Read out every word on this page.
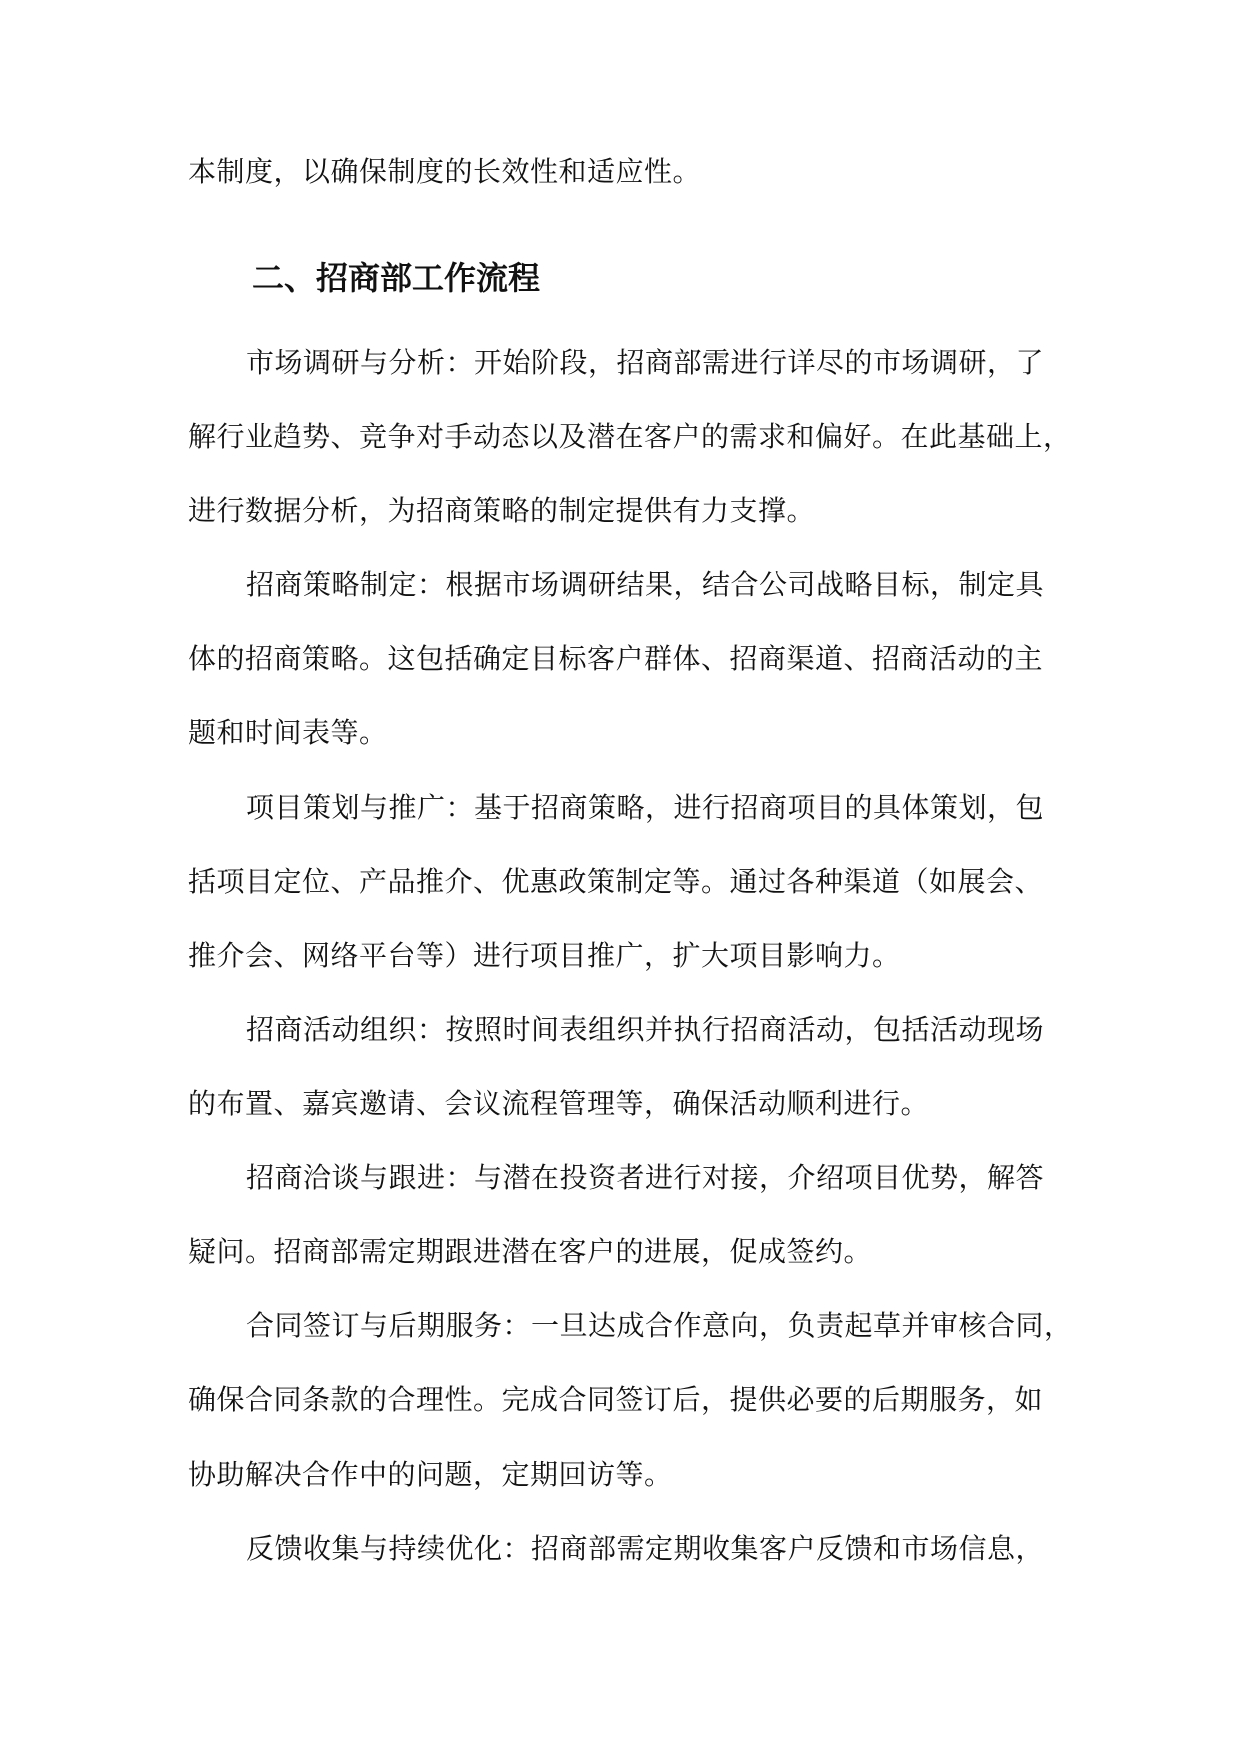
本制度，以确保制度的长效性和适应性。
二、招商部工作流程
市场调研与分析：开始阶段，招商部需进行详尽的市场调研，了
解行业趋势、竞争对手动态以及潜在客户的需求和偏好。在此基础上，
进行数据分析，为招商策略的制定提供有力支撑。
招商策略制定：根据市场调研结果，结合公司战略目标，制定具
体的招商策略。这包括确定目标客户群体、招商渠道、招商活动的主
题和时间表等。
项目策划与推广：基于招商策略，进行招商项目的具体策划，包
括项目定位、产品推介、优惠政策制定等。通过各种渠道（如展会、
推介会、网络平台等）进行项目推广，扩大项目影响力。
招商活动组织：按照时间表组织并执行招商活动，包括活动现场
的布置、嘉宾邀请、会议流程管理等，确保活动顺利进行。
招商洽谈与跟进：与潜在投资者进行对接，介绍项目优势，解答
疑问。招商部需定期跟进潜在客户的进展，促成签约。
合同签订与后期服务：一旦达成合作意向，负责起草并审核合同，
确保合同条款的合理性。完成合同签订后，提供必要的后期服务，如
协助解决合作中的问题，定期回访等。
反馈收集与持续优化：招商部需定期收集客户反馈和市场信息，
